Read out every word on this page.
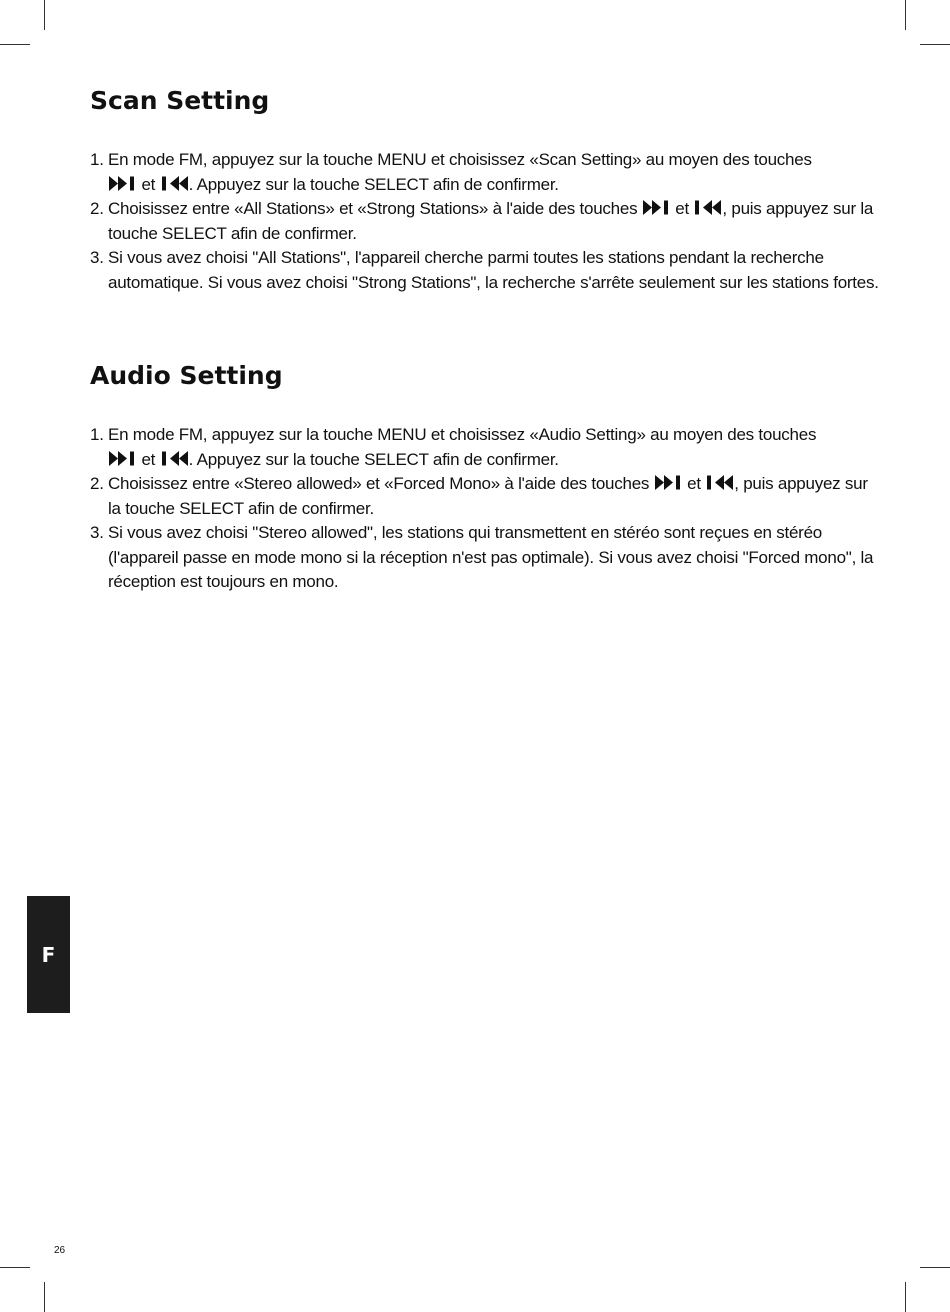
Scan Setting
1. En mode FM, appuyez sur la touche MENU et choisissez «Scan Setting» au moyen des touches

et
. Appuyez sur la touche SELECT afin de confirmer.
2. Choisissez entre «All Stations» et «Strong Stations» à l'aide des touches
et
, puis appuyez sur la touche SELECT afin de confirmer.
3. Si vous avez choisi "All Stations", l'appareil cherche parmi toutes les stations pendant la recherche automatique. Si vous avez choisi "Strong Stations", la recherche s'arrête seulement sur les stations fortes.
Audio Setting
1. En mode FM, appuyez sur la touche MENU et choisissez «Audio Setting» au moyen des touches

et
. Appuyez sur la touche SELECT afin de confirmer.
2. Choisissez entre «Stereo allowed» et «Forced Mono» à l'aide des touches
et
, puis appuyez sur la touche SELECT afin de confirmer.
3. Si vous avez choisi "Stereo allowed", les stations qui transmettent en stéréo sont reçues en stéréo (l'appareil passe en mode mono si la réception n'est pas optimale). Si vous avez choisi "Forced mono", la réception est toujours en mono.
F
26
